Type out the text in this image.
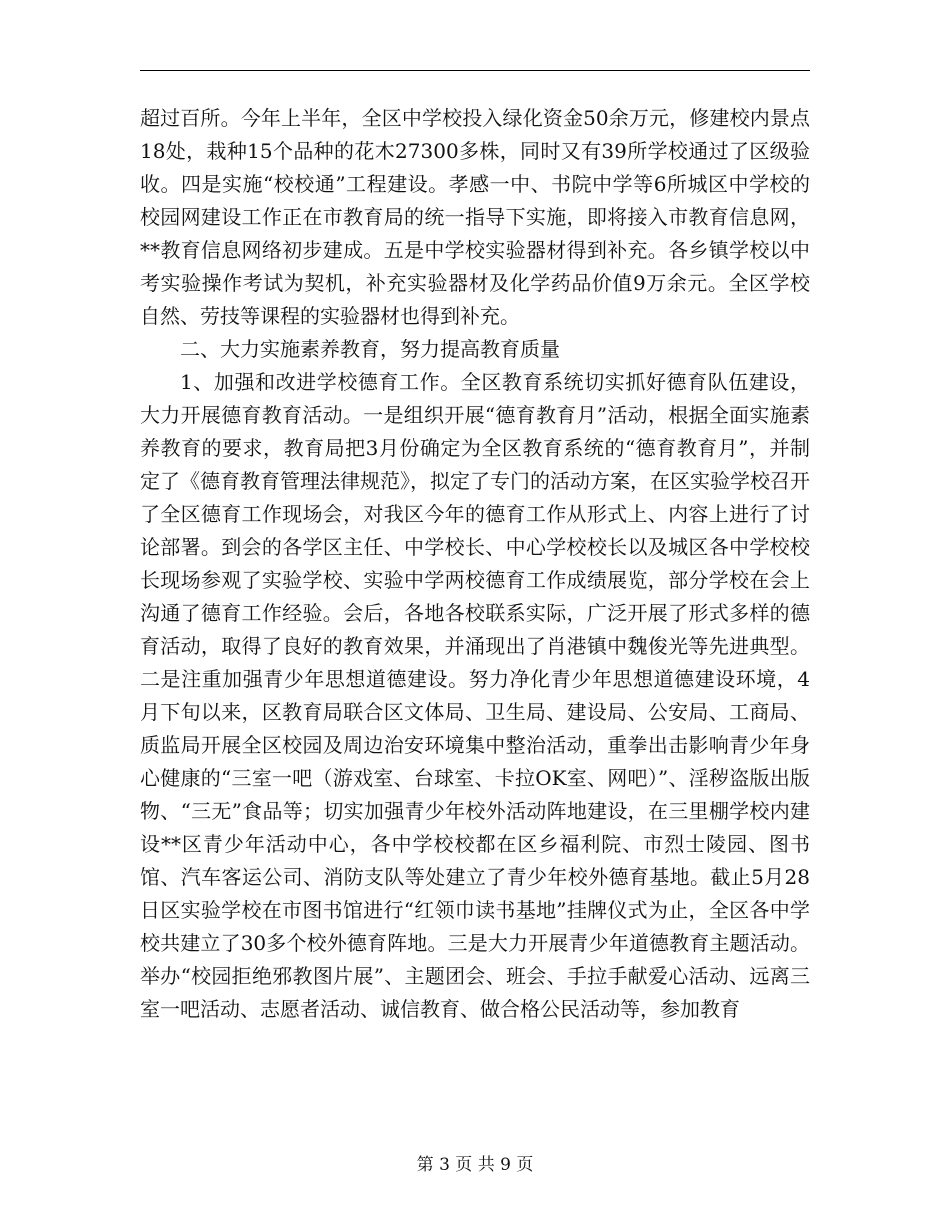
超过百所。今年上半年，全区中学校投入绿化资金50余万元，修建校内景点18处，栽种15个品种的花木27300多株，同时又有39所学校通过了区级验收。四是实施“校校通”工程建设。孝感一中、书院中学等6所城区中学校的校园网建设工作正在市教育局的统一指导下实施，即将接入市教育信息网，**教育信息网络初步建成。五是中学校实验器材得到补充。各乡镇学校以中考实验操作考试为契机，补充实验器材及化学药品价值9万余元。全区学校自然、劳技等课程的实验器材也得到补充。

二、大力实施素养教育，努力提高教育质量

1、加强和改进学校德育工作。全区教育系统切实抓好德育队伍建设，大力开展德育教育活动。一是组织开展“德育教育月”活动，根据全面实施素养教育的要求，教育局把3月份确定为全区教育系统的“德育教育月”，并制定了《德育教育管理法律规范》，拟定了专门的活动方案，在区实验学校召开了全区德育工作现场会，对我区今年的德育工作从形式上、内容上进行了讨论部署。到会的各学区主任、中学校长、中心学校校长以及城区各中学校校长现场参观了实验学校、实验中学两校德育工作成绩展览，部分学校在会上沟通了德育工作经验。会后，各地各校联系实际，广泛开展了形式多样的德育活动，取得了良好的教育效果，并涌现出了肖港镇中魏俊光等先进典型。二是注重加强青少年思想道德建设。努力净化青少年思想道德建设环境，4月下旬以来，区教育局联合区文体局、卫生局、建设局、公安局、工商局、质监局开展全区校园及周边治安环境集中整治活动，重拳出击影响青少年身心健康的“三室一吧（游戏室、台球室、卡拉OK室、网吧）”、淫秽盗版出版物、“三无”食品等；切实加强青少年校外活动阵地建设，在三里棚学校内建设**区青少年活动中心，各中学校校都在区乡福利院、市烈士陵园、图书馆、汽车客运公司、消防支队等处建立了青少年校外德育基地。截止5月28日区实验学校在市图书馆进行“红领巾读书基地”挂牌仪式为止，全区各中学校共建立了30多个校外德育阵地。三是大力开展青少年道德教育主题活动。举办“校园拒绝邪教图片展”、主题团会、班会、手拉手献爱心活动、远离三室一吧活动、志愿者活动、诚信教育、做合格公民活动等，参加教育

第 3 页 共 9 页
